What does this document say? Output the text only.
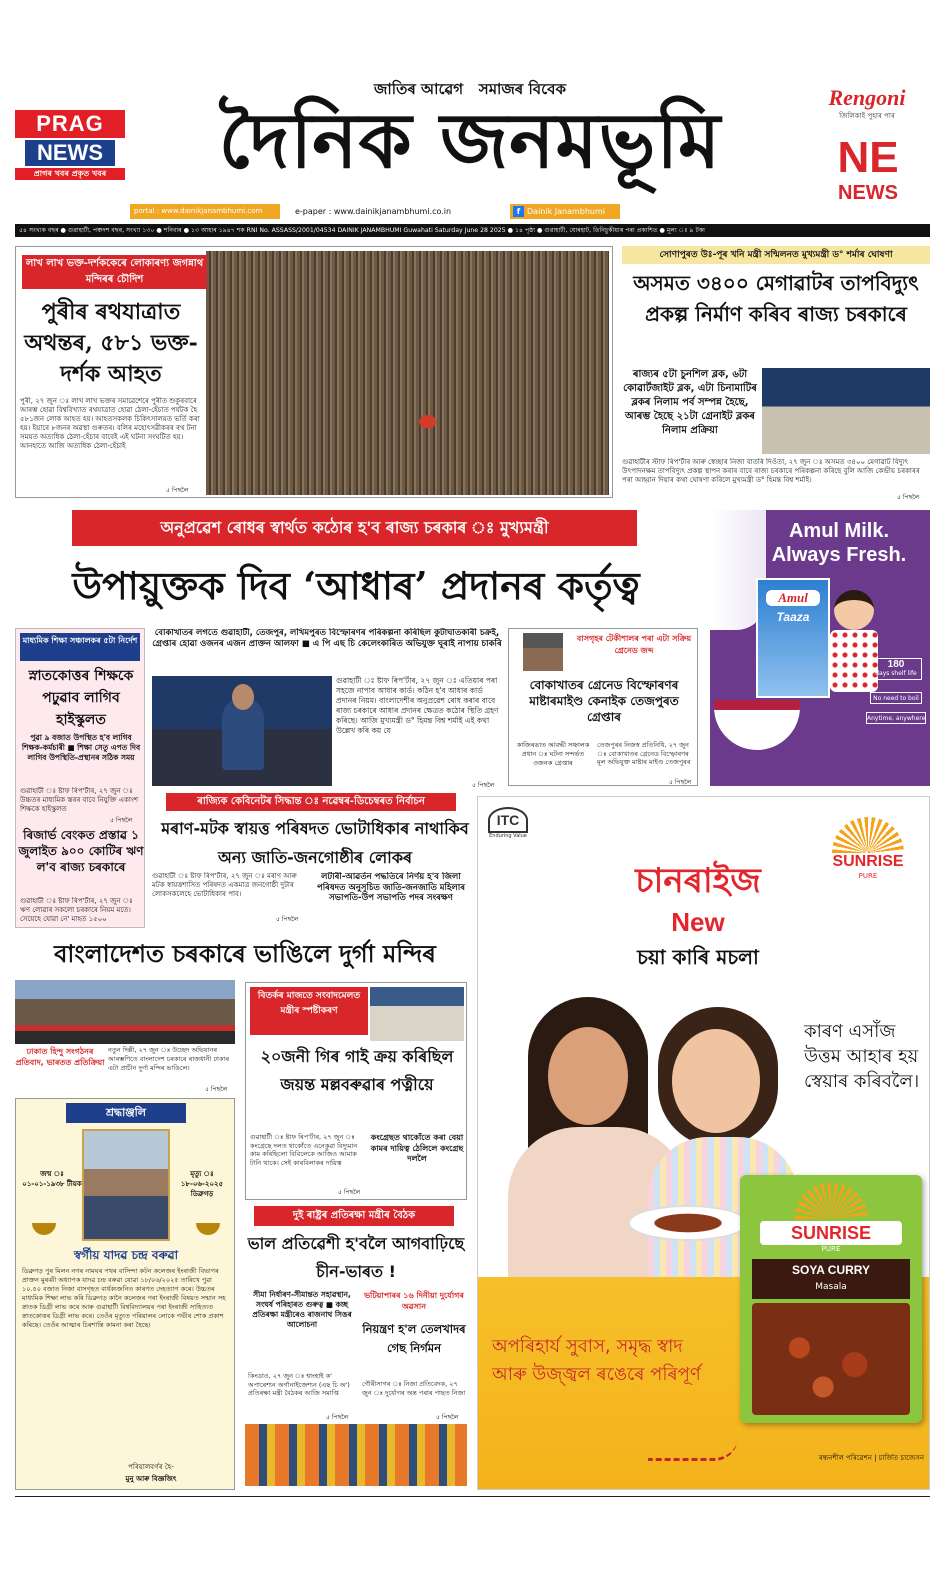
PRAG
NEWS
প্ৰাগৰ খবৰ প্ৰকৃত খবৰ
জাতিৰ আৱেগ   সমাজৰ বিবেক
দৈনিক জনমভূমি	Rengoni
জিলিকাই পুহাৰ পাৰ
NE
NEWS
portal : www.dainikjanambhumi.com	e-paper : www.dainikjanambhumi.co.in	f Dainik Janambhumi
৫৪ সংখ্যক বছৰ ● গুৱাহাটী, পঞ্চদশ বছৰ, সংখ্যা ১৩০ ● শনিবাৰ ● ১৩ আহাৰ ১৯৪৭ শক RNI No. ASSASS/2001/04534 DAINIK JANAMBHUMI Guwahati Saturday June 28 2025 ● ১৪ পৃষ্ঠা ● গুৱাহাটী, যোৰহাট, তিনিচুকীয়াৰ পৰা প্ৰকাশিত ● মূল্য ঃ ৯ টকা
লাখ লাখ ভক্ত-দৰ্শককেৰে লোকাৰণ্য জগন্নাথ মন্দিৰৰ চৌদিশ
পুৰীৰ ৰথযাত্ৰাত অথন্তৰ, ৫৮১ ভক্ত-দৰ্শক আহত
পুৰী, ২৭ জুন ঃ লাখ লাখ ভক্তৰ সমাৱেশেৰে পুৰীত শুকুৰবাৰে আৰম্ভ হোৱা বিশ্ববিখ্যাত ৰথযাত্ৰাত হোৱা ঠেলা-হেঁচাত পৰ্যটক হৈ ৫৮১জন লোক আহত হয়। আহতসকলক চিকিৎসালয়ত ভৰ্তি কৰা হয়। ইয়াৰে ৮জনৰ অৱস্থা গুৰুতৰ। বলিৰ মহোৎসৱীকৰৰ ৰথ টনা সময়ত অত্যধিক ঠেলা-হেঁচাৰ বাবেই এই ঘটনা সংঘটিত হয়। আনহাতে আজি অত্যধিক ঠেলা-হেঁচাই
৫ পিছলৈ
সোণাপুৰত উঃ-পূৰ খনি মন্ত্ৰী সন্মিলনত মুখ্যমন্ত্ৰী ড° শৰ্মাৰ ঘোষণা
অসমত ৩৪০০ মেগাৱাটৰ তাপবিদ্যুৎ প্ৰকল্প নিৰ্মাণ কৰিব ৰাজ্য চৰকাৰে
ৰাজ্যৰ ৫টা চুনশিল ব্লক, ৬টা কোৱাৰ্টজাইট ব্লক, এটা চিনামাটিৰ ব্লকৰ নিলাম পৰ্ব সম্পন্ন হৈছে, আৰম্ভ হৈছে ২১টা গ্ৰেনাইট ব্লকৰ নিলাম প্ৰক্ৰিয়া
গুৱাহাটীৰ স্টাফ ৰিপ'ৰ্টাৰ আৰু স্বেচ্ছাৰ নিজা বাতৰি দিওঁতা, ২৭ জুন ঃ অসমত ৩৪০০ মেগাৱাট বিদ্যুৎ উৎপাদনক্ষম তাপবিদ্যুৎ প্ৰকল্প স্থাপন কৰাৰ বাবে ৰাজ্য চৰকাৰে পৰিকল্পনা কৰিছে বুলি আজি কেন্দ্ৰীয় চৰকাৰৰ পৰা আহ্বান দিয়াৰ কথা ঘোষণা কৰিলে মুখ্যমন্ত্ৰী ড° হিমন্ত বিশ্ব শৰ্মাই।
৫ পিছলৈ
অনুপ্ৰৱেশ ৰোধৰ স্বাৰ্থত কঠোৰ হ'ব ৰাজ্য চৰকাৰ ঃ মুখ্যমন্ত্ৰী
উপায়ুক্তক দিব ‘আধাৰ’ প্ৰদানৰ কৰ্তৃত্ব
মাধ্যমিক শিক্ষা সঞ্চালকৰ ৫টা নিৰ্দেশ
স্নাতকোত্তৰ শিক্ষকে পঢ়ুৱাব লাগিব হাইস্কুলত
পুৱা ৯ বজাত উপস্থিত হ'ব লাগিব শিক্ষক-কৰ্মচাৰী ■ শিক্ষা সেতু এপত দিব লাগিব উপস্থিতি-প্ৰস্থানৰ সঠিক সময়
গুৱাহাটী ঃ ষ্টাফ ৰিপ'ৰ্টাৰ, ২৭ জুন ঃ উচ্চতৰ মাধ্যমিক স্তৰৰ বাবে নিযুক্তি একাংশ শিক্ষকে হাইস্কুলত
৫ পিছলৈ
ৰিজাৰ্ভ বেংকত প্ৰস্তাৱ ১ জুলাইত ৯০০ কোটিৰ ঋণ ল'ব ৰাজ্য চৰকাৰে
গুৱাহাটী ঃ ষ্টাফ ৰিপ'ৰ্টাৰ, ২৭ জুন ঃ ঋণ লোৱাৰ সকলো চৰকাৰে নিয়ম মতে। সেয়েহে যোৱা নে' মাহত ১৫০০
বোকাখাতৰ লগতে গুৱাহাটী, তেজপুৰ, লখিমপুৰত বিস্ফোৰণৰ পৰিকল্পনা কৰিছিল কুটাঘাতকাৰী চক্ৰই, গ্ৰেপ্তাৰ হোৱা ওজনৰ এজন প্ৰাক্তন আলফা ■ এ পি এছ চি কেলেংকাৰিত অভিযুক্ত ঘূৰাই নাপায় চাকৰি
গুৱাহাটী ঃ ষ্টাফ ৰিপ'ৰ্টাৰ, ২৭ জুন ঃ এতিয়াৰ পৰা সহজে নাপাব আধাৰ কাৰ্ড। কঠিন হ'ব আধাৰ কাৰ্ড প্ৰদানৰ নিয়ম। বাংলাদেশীৰ অনুপ্ৰৱেশ ৰোধ কৰাৰ বাবে ৰাজ্য চৰকাৰে আধাৰ প্ৰদানৰ ক্ষেত্ৰত কঠোৰ স্থিতি গ্ৰহণ কৰিছে। আজি মুখ্যমন্ত্ৰী ড° হিমন্ত বিশ্ব শৰ্মাই এই কথা উল্লেখ কৰি কয় যে
৫ পিছলৈ
বাসগৃহৰ টেকীশালৰ পৰা এটা সক্ৰিয় গ্ৰেনেড জব্দ
বোকাখাতৰ গ্ৰেনেড বিস্ফোৰণৰ মাষ্টাৰমাইণ্ড কেনাইক তেজপুৰত গ্ৰেপ্তাৰ
কাজিৰঙাত আবদ্ধী সঞ্চালক প্ৰধান ঃ ঘটনা সন্দৰ্ভত ওজনক গ্ৰেপ্তাৰ
তেজপুৰৰ নিজস্ব প্ৰতিনিধি, ২৭ জুন ঃ বোকাখাতৰ গ্ৰেনেড বিস্ফোৰণৰ মূল অভিযুক্ত মাষ্টাৰ মাইণ্ড তেজপুৰৰ
৫ পিছলৈ
Amul Milk.
Always Fresh.
Amul
Taaza
180
days shelf life
No need to boil
Anytime, anywhere
ৰাজ্যিক কেবিনেটৰ সিদ্ধান্ত ঃ নৱেম্বৰ-ডিচেম্বৰত নিৰ্বাচন
মৰাণ-মটক স্বায়ত্ত পৰিষদত ভোটাধিকাৰ নাথাকিব অন্য জাতি-জনগোষ্ঠীৰ লোকৰ
গুৱাহাটী ঃ ষ্টাফ ৰিপ'ৰ্টাৰ, ২৭ জুন ঃ মৰাণ আৰু মটক স্বায়ত্তশাসিত পৰিষদত একমাত্ৰ জনগোষ্ঠী দুটাৰ লোকসকলেহে ভোটাধিকাৰ পাব।
৫ পিছলৈ
লটাৰী-আৱৰ্তন পদ্ধতিৰে নিৰ্ণয় হ'ব জিলা পৰিষদত অনুসূচিত জাতি-জনজাতি মহিলাৰ সভাপতি-উপ সভাপতি পদৰ সংৰক্ষণ
বাংলাদেশত চৰকাৰে ভাঙিলে দুৰ্গা মন্দিৰ
ঢাকাত হিন্দু সংগঠনৰ প্ৰতিবাদ, ভাৰতত প্ৰতিক্ৰিয়া
নতুন দিল্লী, ২৭ জুন ঃ উচ্ছেদ অভিযানৰ আৰম্ভণিতে বাংলাদেশ চৰকাৰে ৰাজধানী ঢাকাৰ এটা প্ৰাচীন দুৰ্গা মন্দিৰ ভাঙিলে।
৫ পিছলৈ
বিতৰ্কৰ মাজতে সংবাদমেলত মন্ত্ৰীৰ স্পষ্টীকৰণ
২০জনী গিৰ গাই ক্ৰয় কৰিছিল জয়ন্ত মল্লবৰুৱাৰ পত্নীয়ে
গুৱাহাটী ঃ ষ্টাফ ৰিপ'ৰ্টাৰ, ২৭ জুন ঃ কংগ্ৰেছে দলত থাকোঁতে এনেকুৱা বিদ্যুমান কাম কৰিছিলো বিবিলেকে আজিও আমাক টানি থাকে। সেই কাৰবিলাকৰ দায়িত্ব
কংগ্ৰেছত থাকোঁতে কৰা বেয়া কামৰ দায়িত্ব ঠেলিলে কংগ্ৰেছ দললৈ
৫ পিছলৈ
শ্ৰদ্ধাঞ্জলি
জন্ম ঃ
০১-০১-১৯৩৮ টীয়ক
মৃত্যু ঃ
১৮-০৬-২০২৫ ডিব্ৰুগড়
স্বৰ্গীয় যাদৱ চন্দ্ৰ বৰুৱা
ডিব্ৰুগড় পুৰ মিলন নগৰ নামঘৰ পথৰ বাসিন্দা কটন কলেজৰ ইংৰাজী বিভাগৰ প্ৰাক্তন মুৰব্বী অধ্যাপক যাদৱ চন্দ্ৰ বৰুৱা যোৱা ১৮/০৬/২০২৫ তাৰিখে পুৱা ১০.৫০ বজাত নিজা বাসগৃহত বাৰ্ধক্যজনিত কাৰণত দেহত্যাগ কৰে। উচ্চতৰ মাধ্যমিক শিক্ষা লাভ কৰি ডিব্ৰুগড় কানৈ কলেজৰ পৰা ইংৰাজী বিষয়ত সন্মান সহ স্নাতক ডিগ্ৰী লাভ কৰে আৰু গুৱাহাটী বিশ্ববিদ্যালয়ৰ পৰা ইংৰাজী সাহিত্যত স্নাতকোত্তৰ ডিগ্ৰী লাভ কৰে। তেওঁৰ মৃত্যুত পৰিয়ালৰ লোকে গভীৰ শোক প্ৰকাশ কৰিছে। তেওঁৰ আত্মাৰ চিৰশান্তি কামনা কৰা হৈছে।
পৰিয়ালবৰ্গৰ হৈ-
মুনু আৰু বিজ্ঞজিৎ
দুই ৰাষ্ট্ৰৰ প্ৰতিৰক্ষা মন্ত্ৰীৰ বৈঠক
ভাল প্ৰতিৱেশী হ'বলৈ আগবাঢ়িছে চীন-ভাৰত !
সীমা নিৰ্ধাৰণ-সীমান্তত সহাৱস্থান, সংঘৰ্ষ পৰিহাৰত গুৰুত্ব ■ কচ্ছ প্ৰতিৰক্ষা মন্ত্ৰীৰেও ৰাজনাথ সিঙৰ আলোচনা
কিংডাও, ২৭ জুন ঃ শ্বাংহাই ক' অপাৰেশ্যন অৰ্গানাইজেশ্যন (এছ চি অ') প্ৰতিৰক্ষা মন্ত্ৰী বৈঠকৰ আজি সমাপ্তি
৫ পিছলৈ
ভটিয়াপাৰৰ ১৬ দিনীয়া দুৰ্যোগৰ অৱসান
নিয়ন্ত্ৰণ হ'ল তেলখাদৰ গেছ নিৰ্গমন
গৌৰীসাগৰ ঃ নিজা প্ৰতিবেদক, ২৭ জুন ঃ দুৰ্যোগৰ অন্ত পৰাৰ পাছত নিজা
৫ পিছলৈ
ITC
Enduring Value
SUNRISE
PURE
চানৰাইজ
New
চয়া কাৰি মচলা
কাৰণ এসাঁজ উত্তম আহাৰ হয় স্বেয়াৰ কৰিবলৈ।
অপৰিহাৰ্য সুবাস, সমৃদ্ধ স্বাদ আৰু উজ্জ্বল ৰঙেৰে পৰিপূৰ্ণ
SUNRISE
PURE
SOYA CURRY
Masala
ৰন্ধনশীল পৰিৱেশন | চাৰ্জিত চাজেসন
